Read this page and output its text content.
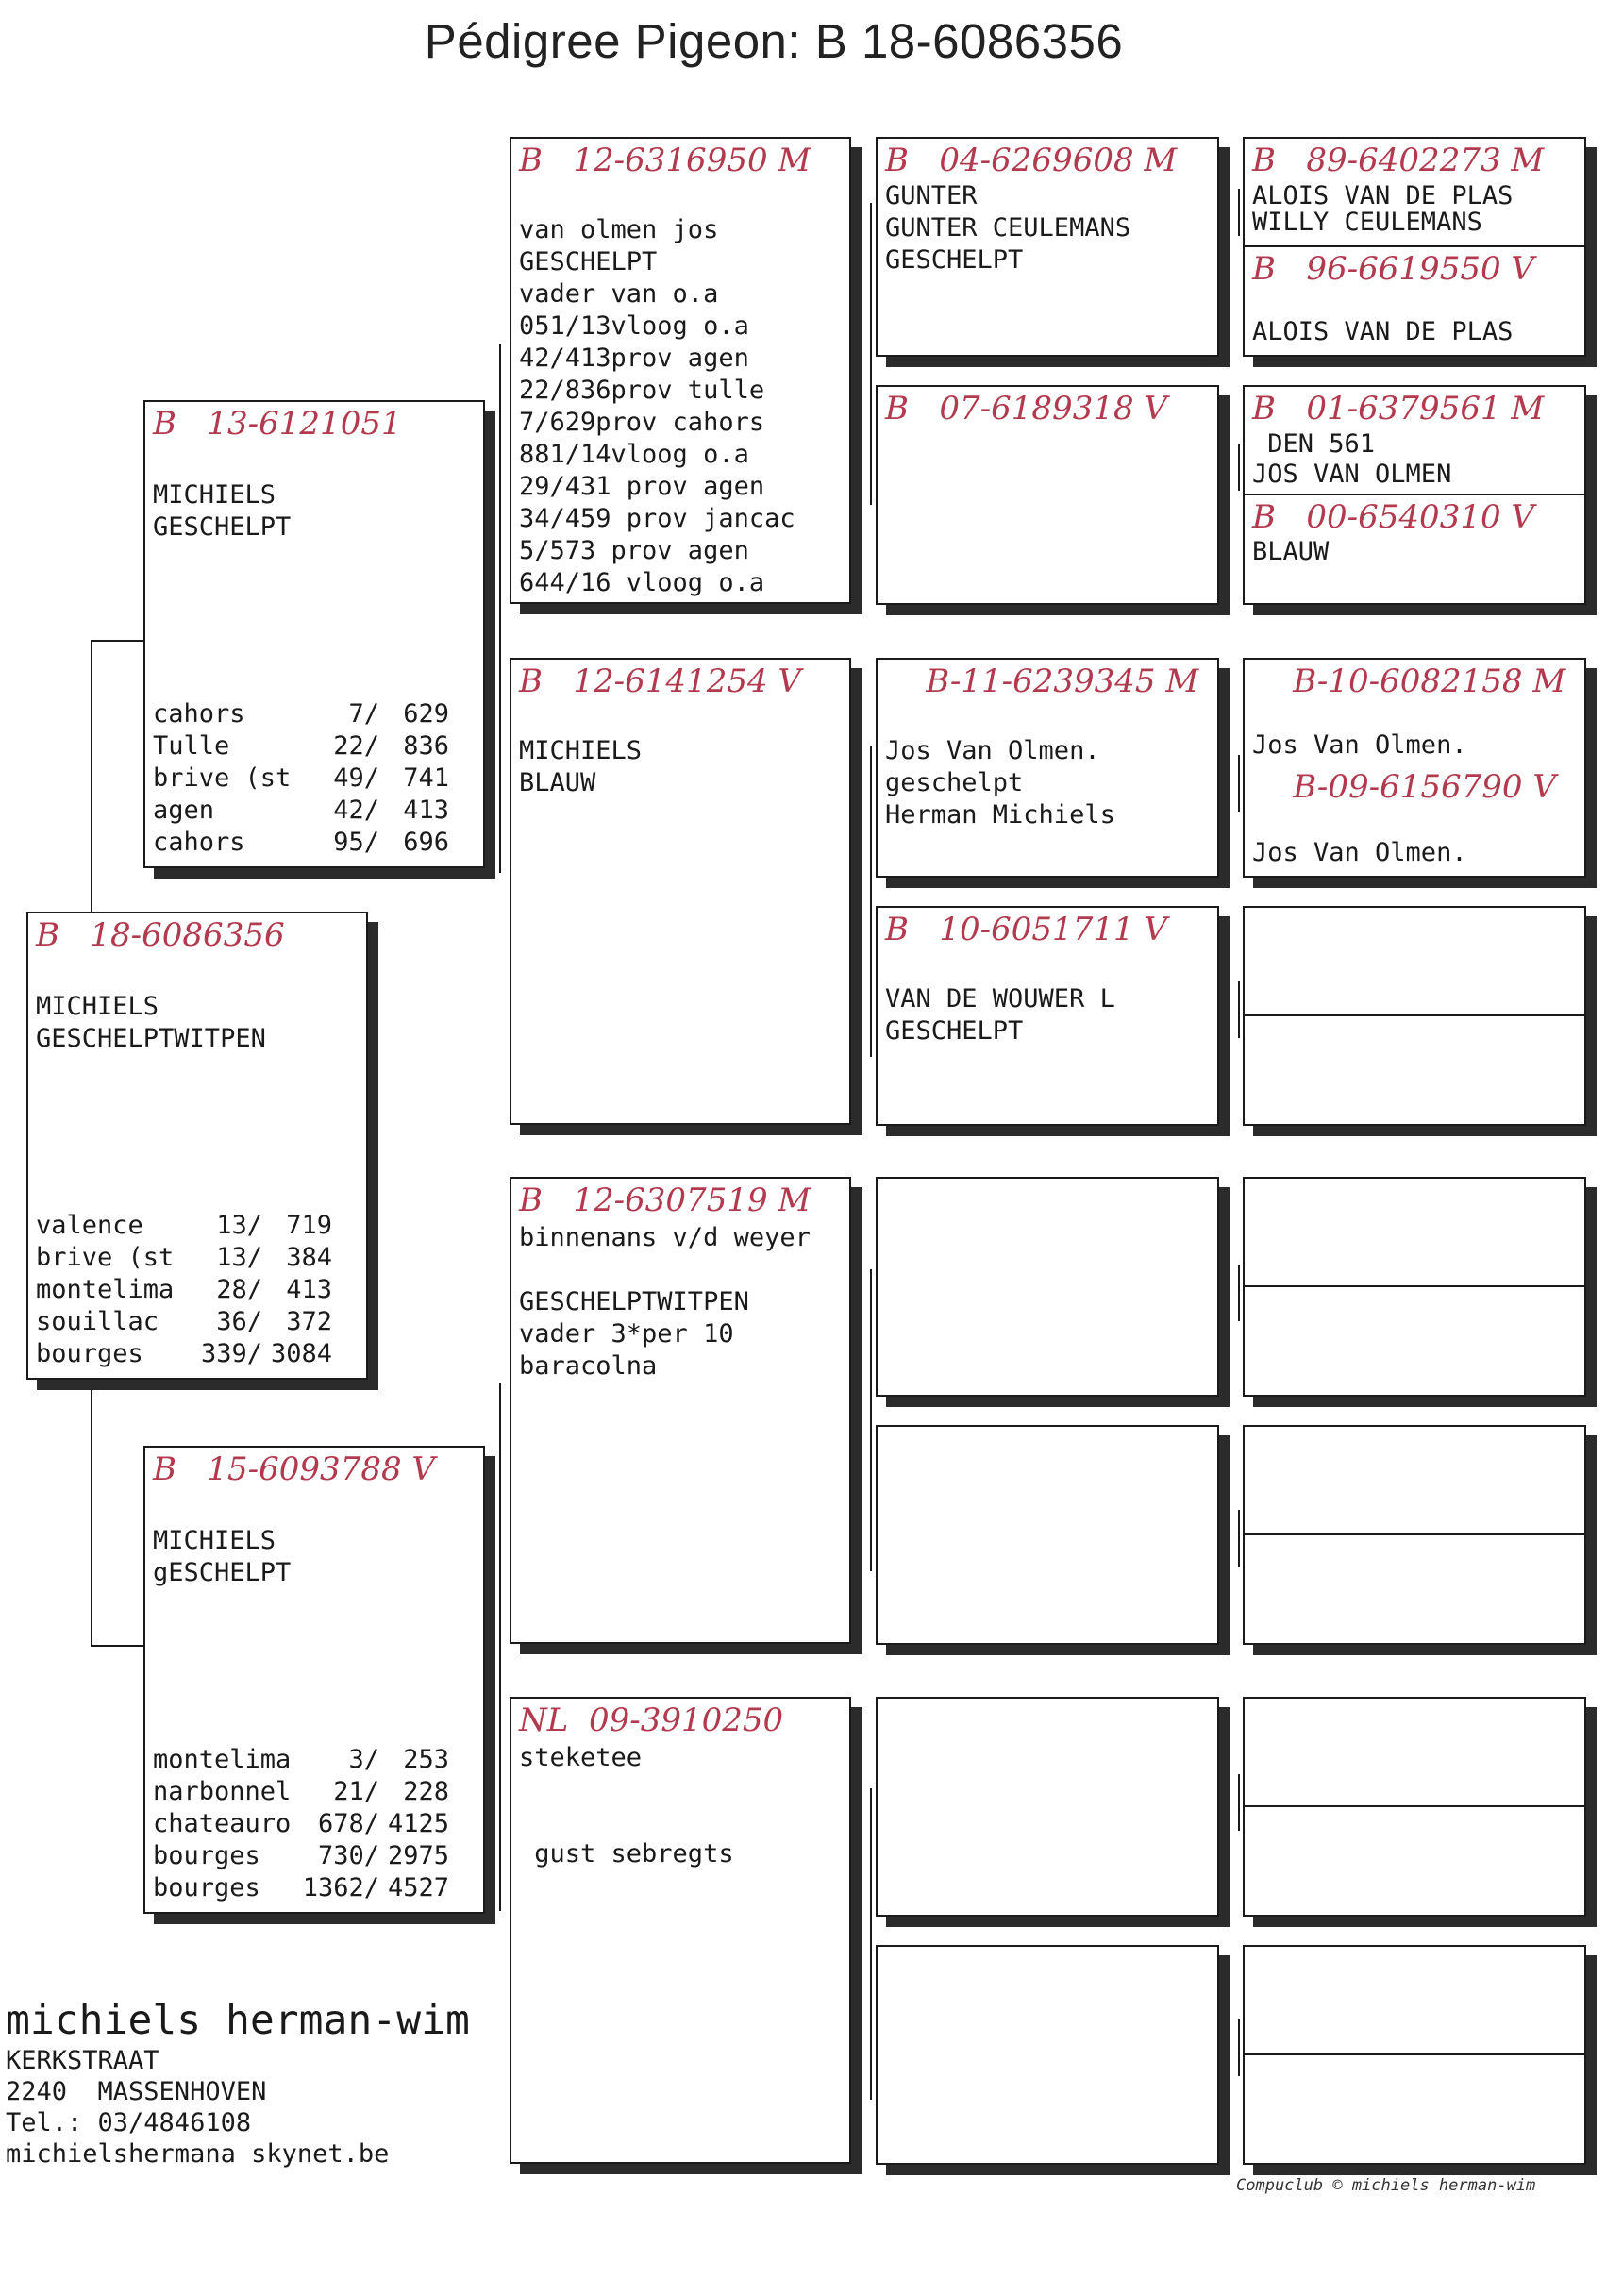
Pédigree Pigeon: B 18-6086356
B   18-6086356
MICHIELS
GESCHELPTWITPEN
valence	13/ 719
brive (st	13/ 384
montelima	28/ 413
souillac	36/ 372
bourges	339/ 3084
B   13-6121051
MICHIELS
GESCHELPT
cahors	7/ 629
Tulle	22/ 836
brive (st	49/ 741
agen	42/ 413
cahors	95/ 696
B   15-6093788 V
MICHIELS
gESCHELPT
montelima	3/ 253
narbonnel	21/ 228
chateauro	678/ 4125
bourges	730/ 2975
bourges	1362/ 4527
B   12-6316950 M
van olmen jos
GESCHELPT
vader van o.a
051/13vloog o.a
42/413prov agen
22/836prov tulle
7/629prov cahors
881/14vloog o.a
29/431 prov agen
34/459 prov jancac
5/573 prov agen
644/16 vloog o.a
B   12-6141254 V
MICHIELS
BLAUW
B   12-6307519 M
binnenans v/d weyer
GESCHELPTWITPEN
vader 3*per 10
baracolna
NL  09-3910250
steketee
gust sebregts
B   04-6269608 M
GUNTER
GUNTER CEULEMANS
GESCHELPT
B   07-6189318 V
B-11-6239345 M
Jos Van Olmen.
geschelpt
Herman Michiels
B   10-6051711 V
VAN DE WOUWER L
GESCHELPT
B   89-6402273 M
ALOIS VAN DE PLAS
WILLY CEULEMANS
B   96-6619550 V
ALOIS VAN DE PLAS
B   01-6379561 M
DEN 561
JOS VAN OLMEN
B   00-6540310 V
BLAUW
B-10-6082158 M
Jos Van Olmen.
B-09-6156790 V
Jos Van Olmen.
michiels herman-wim
KERKSTRAAT
2240  MASSENHOVEN
Tel.: 03/4846108
michielshermana skynet.be
Compuclub © michiels herman-wim
